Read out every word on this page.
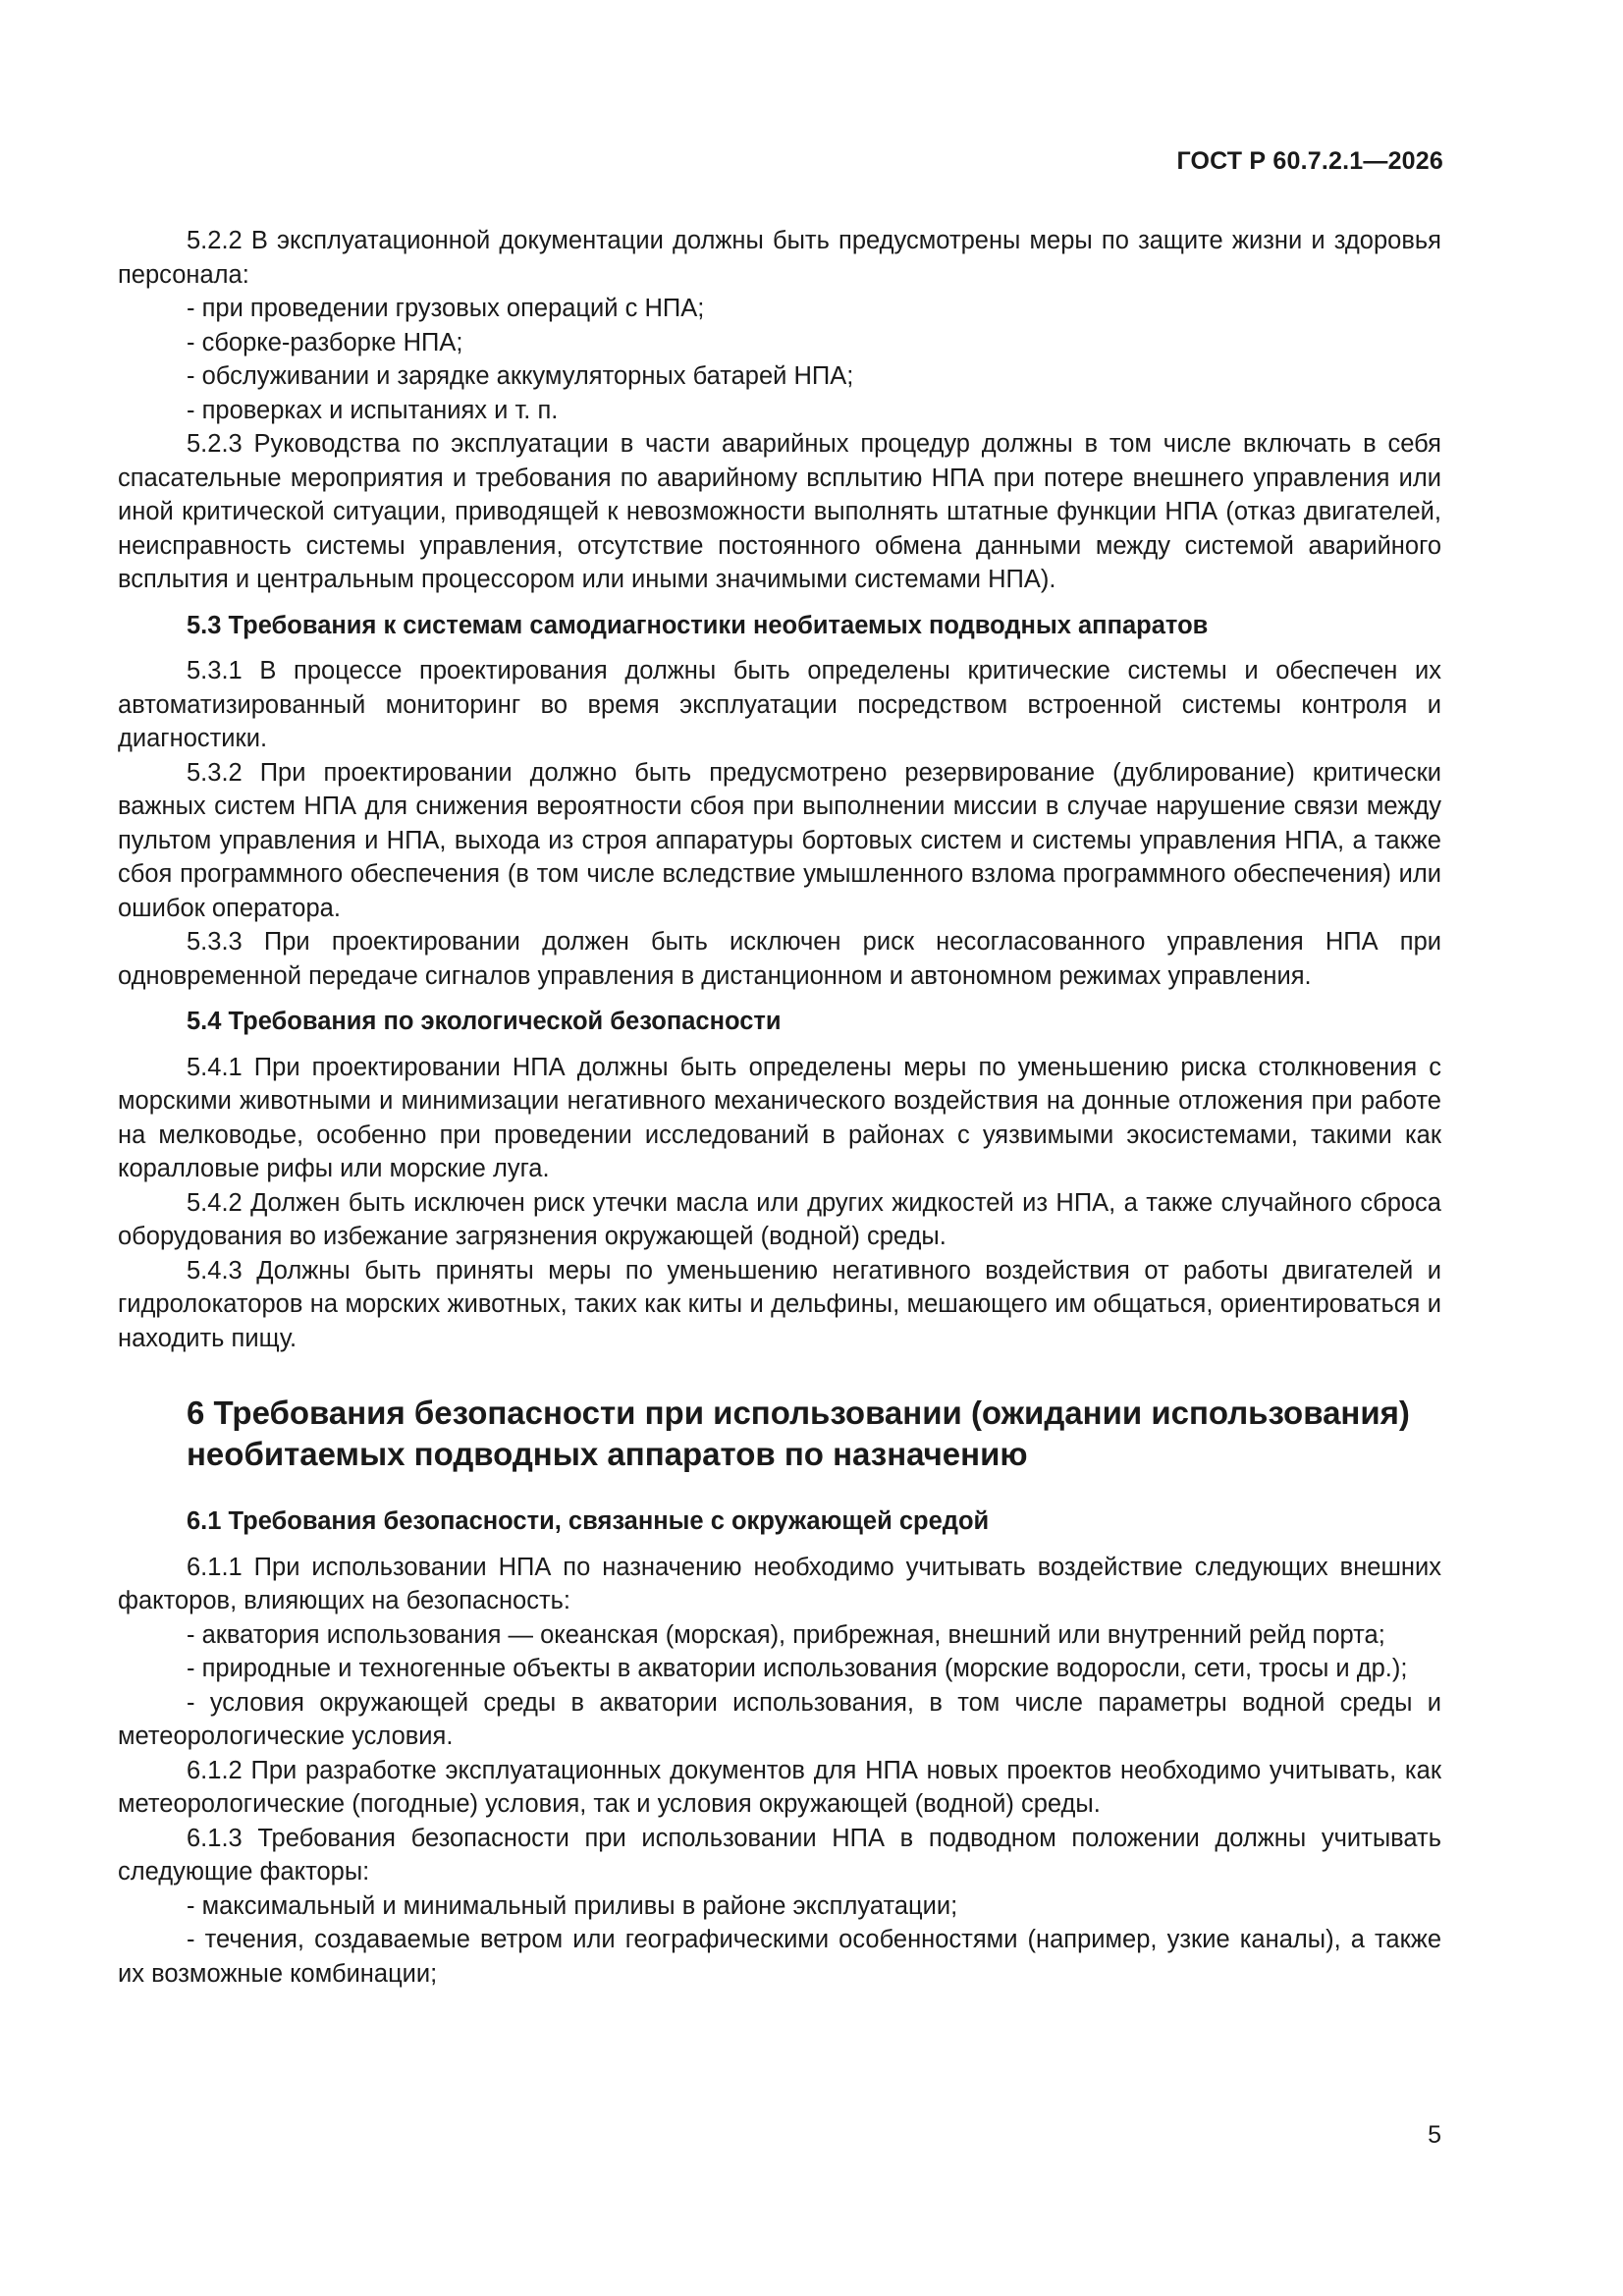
ГОСТ Р 60.7.2.1—2026

5.2.2 В эксплуатационной документации должны быть предусмотрены меры по защите жизни и здоровья персонала:

- при проведении грузовых операций с НПА;

- сборке-разборке НПА;

- обслуживании и зарядке аккумуляторных батарей НПА;

- проверках и испытаниях и т. п.

5.2.3 Руководства по эксплуатации в части аварийных процедур должны в том числе включать в себя спасательные мероприятия и требования по аварийному всплытию НПА при потере внешнего управления или иной критической ситуации, приводящей к невозможности выполнять штатные функции НПА (отказ двигателей, неисправность системы управления, отсутствие постоянного обмена данными между системой аварийного всплытия и центральным процессором или иными значимыми системами НПА).

5.3 Требования к системам самодиагностики необитаемых подводных аппаратов

5.3.1 В процессе проектирования должны быть определены критические системы и обеспечен их автоматизированный мониторинг во время эксплуатации посредством встроенной системы контроля и диагностики.

5.3.2 При проектировании должно быть предусмотрено резервирование (дублирование) критически важных систем НПА для снижения вероятности сбоя при выполнении миссии в случае нарушение связи между пультом управления и НПА, выхода из строя аппаратуры бортовых систем и системы управления НПА, а также сбоя программного обеспечения (в том числе вследствие умышленного взлома программного обеспечения) или ошибок оператора.

5.3.3 При проектировании должен быть исключен риск несогласованного управления НПА при одновременной передаче сигналов управления в дистанционном и автономном режимах управления.

5.4 Требования по экологической безопасности

5.4.1 При проектировании НПА должны быть определены меры по уменьшению риска столкновения с морскими животными и минимизации негативного механического воздействия на донные отложения при работе на мелководье, особенно при проведении исследований в районах с уязвимыми экосистемами, такими как коралловые рифы или морские луга.

5.4.2 Должен быть исключен риск утечки масла или других жидкостей из НПА, а также случайного сброса оборудования во избежание загрязнения окружающей (водной) среды.

5.4.3 Должны быть приняты меры по уменьшению негативного воздействия от работы двигателей и гидролокаторов на морских животных, таких как киты и дельфины, мешающего им общаться, ориентироваться и находить пищу.

6 Требования безопасности при использовании (ожидании использования) необитаемых подводных аппаратов по назначению
6.1 Требования безопасности, связанные с окружающей средой

6.1.1 При использовании НПА по назначению необходимо учитывать воздействие следующих внешних факторов, влияющих на безопасность:

- акватория использования — океанская (морская), прибрежная, внешний или внутренний рейд порта;

- природные и техногенные объекты в акватории использования (морские водоросли, сети, тросы и др.);

- условия окружающей среды в акватории использования, в том числе параметры водной среды и метеорологические условия.

6.1.2 При разработке эксплуатационных документов для НПА новых проектов необходимо учитывать, как метеорологические (погодные) условия, так и условия окружающей (водной) среды.

6.1.3 Требования безопасности при использовании НПА в подводном положении должны учитывать следующие факторы:

- максимальный и минимальный приливы в районе эксплуатации;

- течения, создаваемые ветром или географическими особенностями (например, узкие каналы), а также их возможные комбинации;

5
